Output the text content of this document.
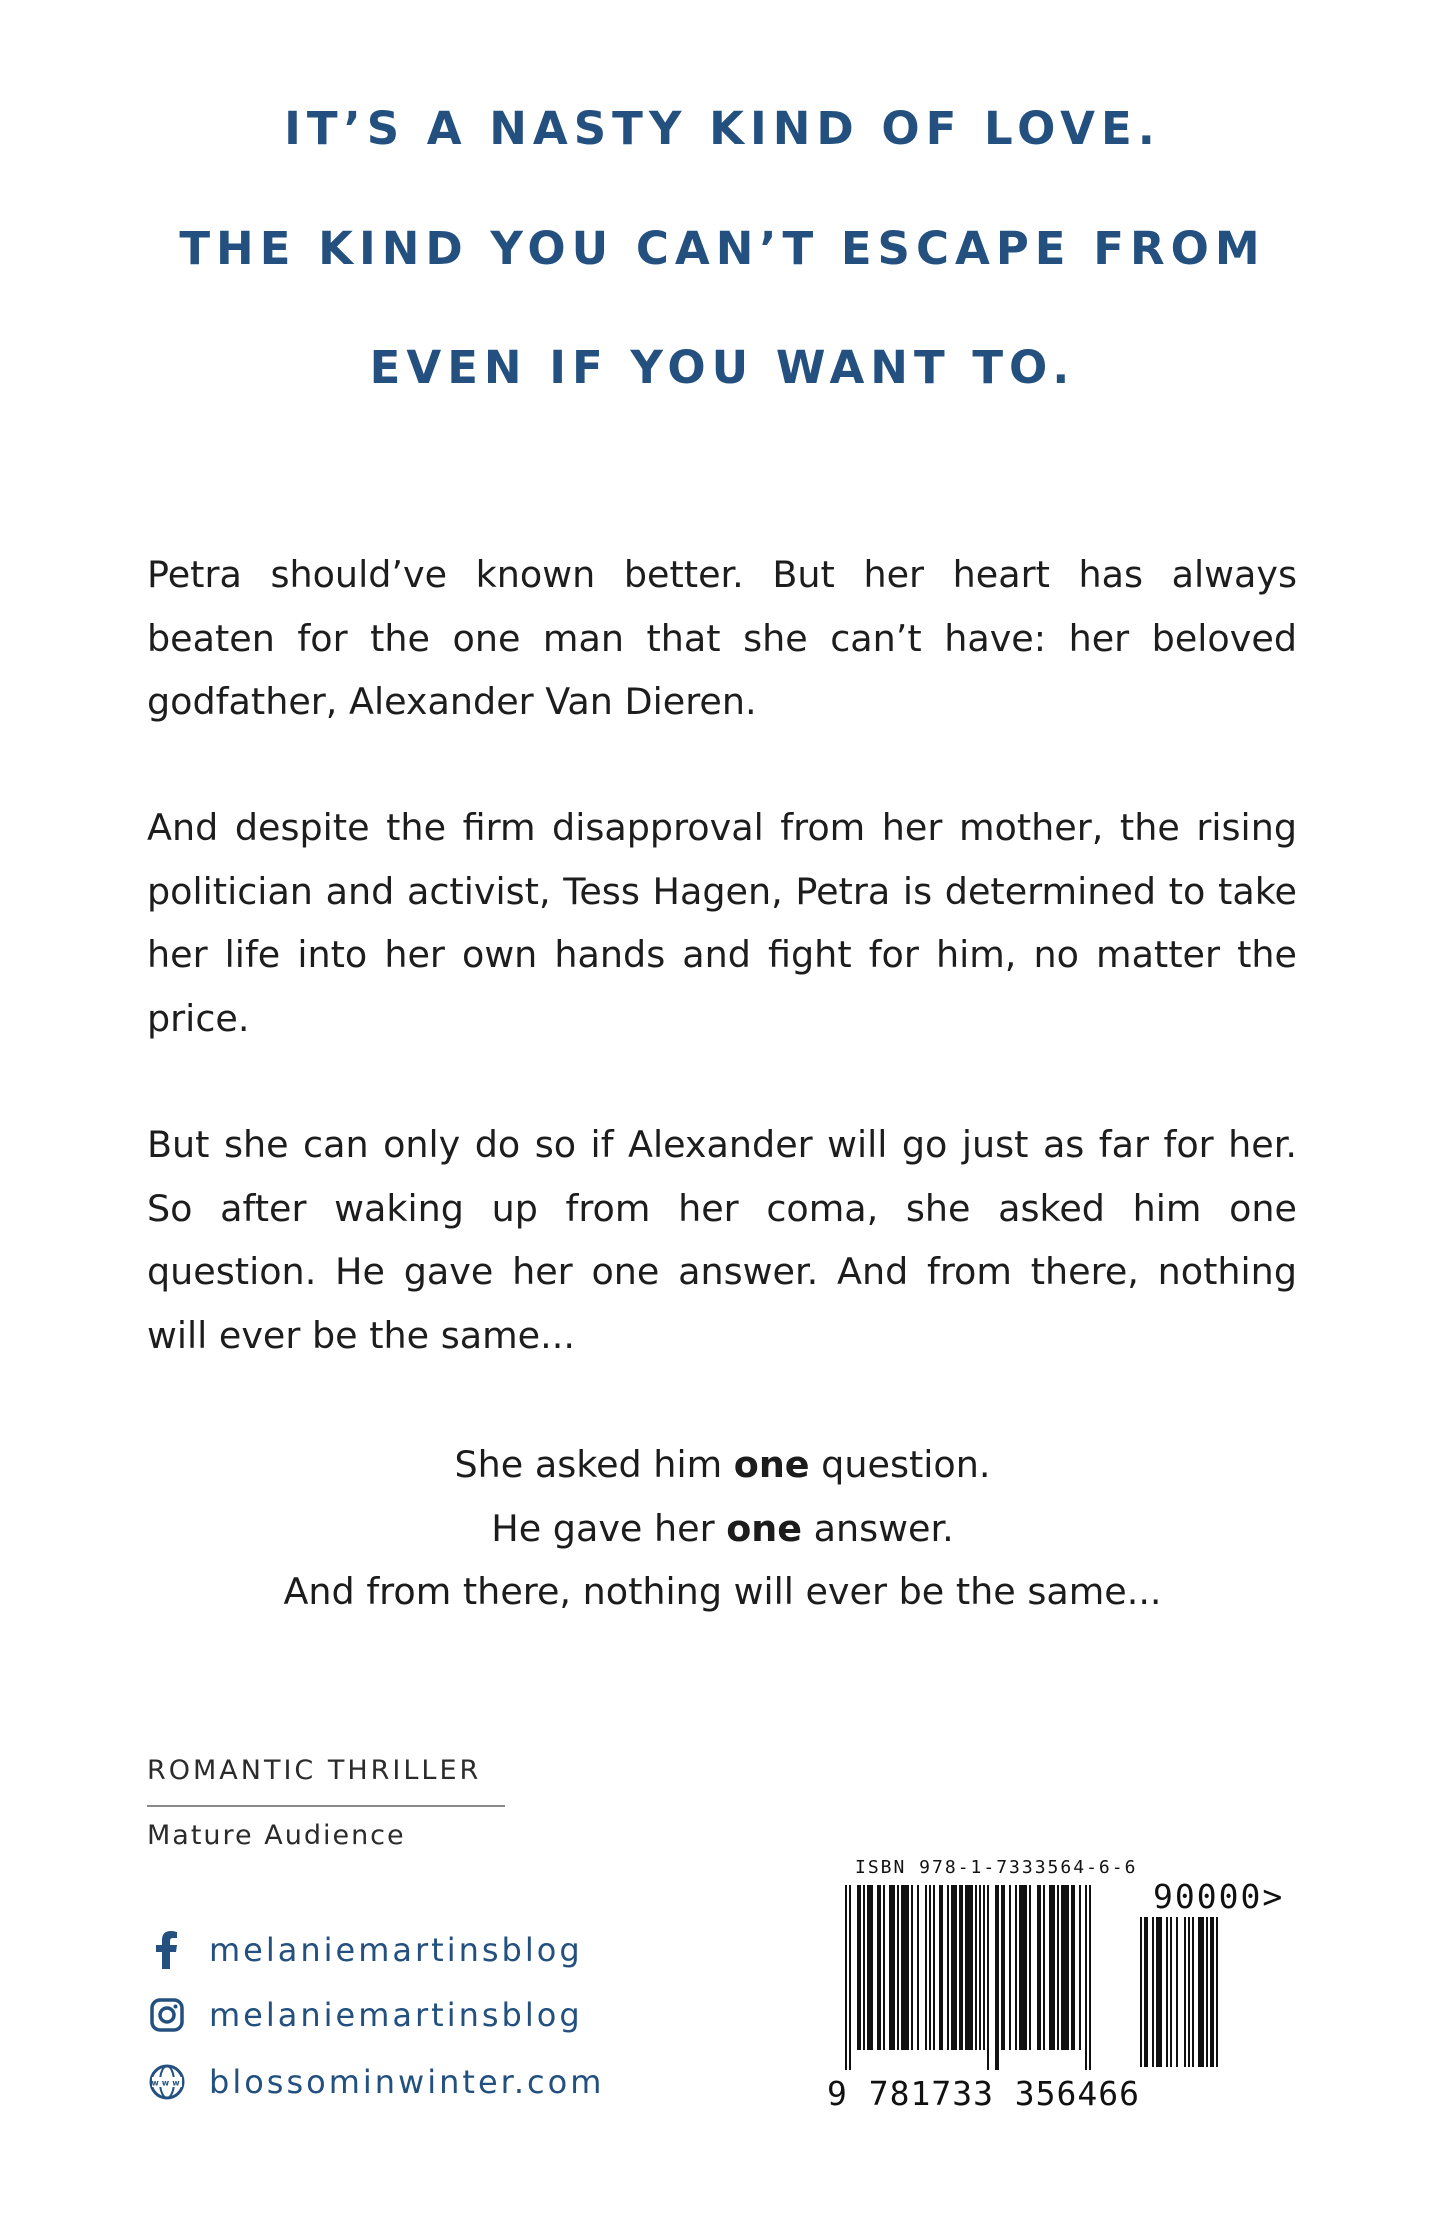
IT’S A NASTY KIND OF LOVE.
THE KIND YOU CAN’T ESCAPE FROM
EVEN IF YOU WANT TO.

Petra should’ve known better. But her heart has always beaten for the one man that she can’t have: her beloved godfather, Alexander Van Dieren.

And despite the firm disapproval from her mother, the rising politician and activist, Tess Hagen, Petra is determined to take her life into her own hands and fight for him, no matter the price.

But she can only do so if Alexander will go just as far for her. So after waking up from her coma, she asked him one question. He gave her one answer. And from there, nothing will ever be the same...

She asked him one question.
He gave her one answer.
And from there, nothing will ever be the same...
ROMANTIC THRILLER
Mature Audience
melaniemartinsblog
melaniemartinsblog
www blossominwinter.com
ISBN 978-1-7333564-6-6
9 781733 356466
90000>
